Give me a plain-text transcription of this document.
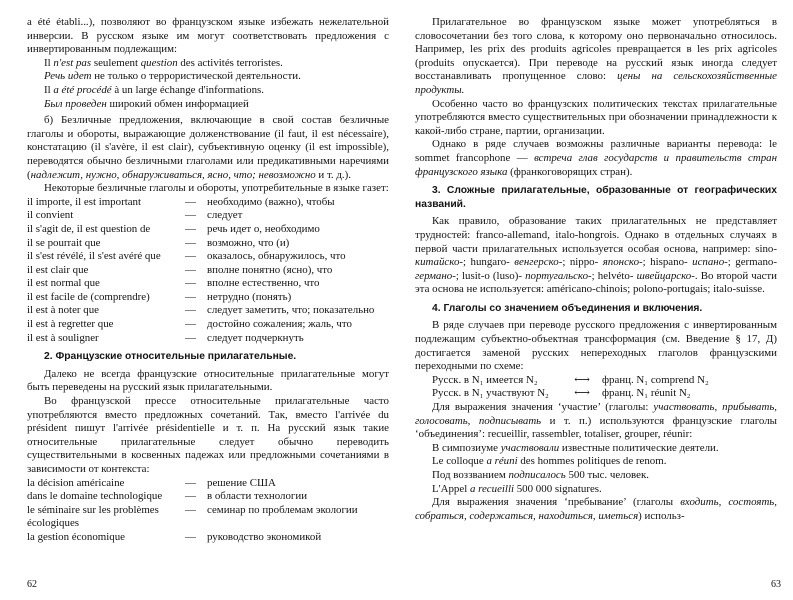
a été établi...), позволяют во французском языке избежать нежелательной инверсии. В русском языке им могут соответствовать предложения с инвертированным подлежащим:

Il n'est pas seulement question des activités terroristes.

Речь идет не только о террористической деятельности.

Il a été procédé à un large échange d'informations.

Был проведен широкий обмен информацией

б) Безличные предложения, включающие в свой состав безличные глаголы и обороты, выражающие долженствование (il faut, il est nécessaire), констатацию (il s'avère, il est clair), субъективную оценку (il est impossible), переводятся обычно безличными глаголами или предикативными наречиями (надлежит, нужно, обнаруживаться, ясно, что; невозможно и т. д.).

Некоторые безличные глаголы и обороты, употребительные в языке газет:

il importe, il est important	—	необходимо (важно), чтобы
il convient	—	следует
il s'agit de, il est question de	—	речь идет о, необходимо
il se pourrait que	—	возможно, что (и)
il s'est révélé, il s'est avéré que	—	оказалось, обнаружилось, что
il est clair que	—	вполне понятно (ясно), что
il est normal que	—	вполне естественно, что
il est facile de (comprendre)	—	нетрудно (понять)
il est à noter que	—	следует заметить, что; показательно
il est à regretter que	—	достойно сожаления; жаль, что
il est à souligner	—	следует подчеркнуть

2. Французские относительные прилагательные.

Далеко не всегда французские относительные прилагательные могут быть переведены на русский язык прилагательными.

Во французской прессе относительные прилагательные часто употребляются вместо предложных сочетаний. Так, вместо l'arrivée du président пишут l'arrivée présidentielle и т. п. На русский язык такие относительные прилагательные следует обычно переводить существительными в косвенных падежах или предложными сочетаниями в зависимости от контекста:

la décision américaine	—	решение США
dans le domaine technologique	—	в области технологии
le séminaire sur les problèmes écologiques	—	семинар по проблемам экологии
la gestion économique	—	руководство экономикой
62

Прилагательное во французском языке может употребляться в словосочетании без того слова, к которому оно первоначально относилось. Например, les prix des produits agricoles превращается в les prix agricoles (produits опускается). При переводе на русский язык иногда следует восстанавливать пропущенное слово: цены на сельскохозяйственные продукты.

Особенно часто во французских политических текстах прилагательные употребляются вместо существительных при обозначении принадлежности к какой-либо стране, партии, организации.

Однако в ряде случаев возможны различные варианты перевода: le sommet francophone — встреча глав государств и правительств стран французского языка (франкоговорящих стран).

3. Сложные прилагательные, образованные от географических названий.

Как правило, образование таких прилагательных не представляет трудностей: franco-allemand, italo-hongrois. Однако в отдельных случаях в первой части прилагательных используется особая основа, например: sino-китайско-; hungaro- венгерско-; nippo- японско-; hispano- испано-; germano- германо-; lusit-o (luso)- португальско-; helvéto- швейцарско-. Во второй части эта основа не используется: américano-chinois; polono-portugais; italo-suisse.

4. Глаголы со значением объединения и включения.

В ряде случаев при переводе русского предложения с инвертированным подлежащим субъектно-объектная трансформация (см. Введение § 17, Д) достигается заменой русских непереходных глаголов французскими переходными по схеме:

Русск. в N₁ имеется N₂	⟷	франц. N₁ comprend N₂
Русск. в N₁ участвуют N₂	⟷	франц. N₁ réunit N₂

Для выражения значения ‘участие’ (глаголы: участвовать, прибывать, голосовать, подписывать и т. п.) используются французские глаголы ‘объединения’: recueillir, rassembler, totaliser, grouper, réunir:

В симпозиуме участвовали известные политические деятели.

Le colloque a réuni des hommes politiques de renom.

Под воззванием подписалось 500 тыс. человек.

L'Appel a recueilli 500 000 signatures.

Для выражения значения ‘пребывание’ (глаголы входить, состоять, собраться, содержаться, находиться, иметься) использ-

63
